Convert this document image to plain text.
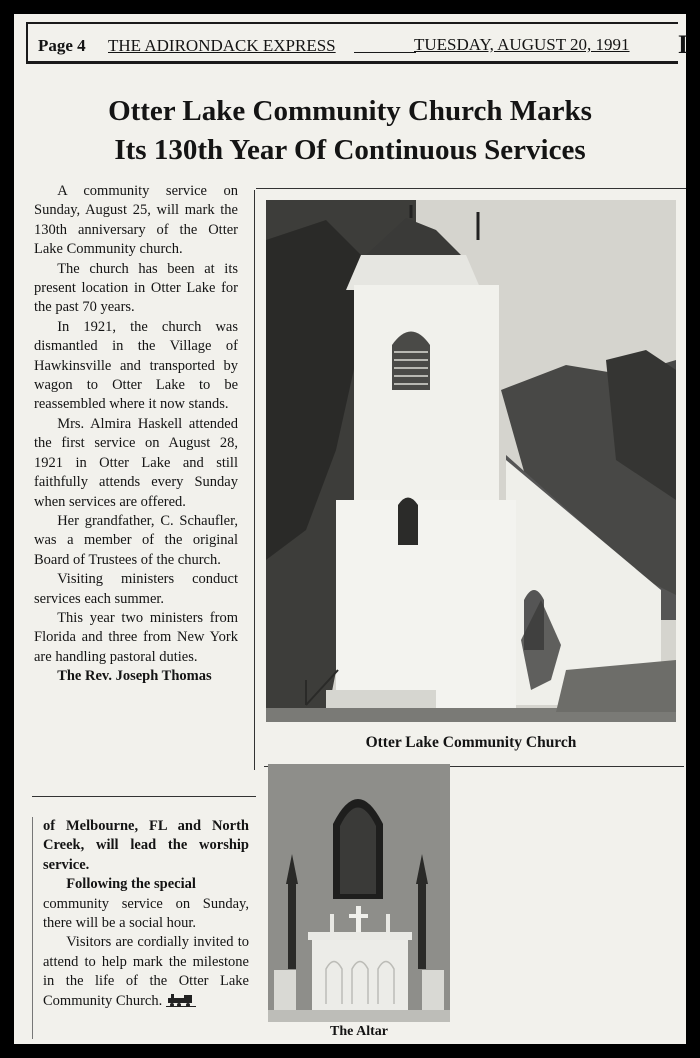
Page 4 THE ADIRONDACK EXPRESS	TUESDAY, AUGUST 20, 1991 I
Otter Lake Community Church Marks
Its 130th Year Of Continuous Services

A community service on Sunday, August 25, will mark the 130th anniversary of the Otter Lake Community church.

The church has been at its present location in Otter Lake for the past 70 years.

In 1921, the church was dismantled in the Village of Hawkinsville and transported by wagon to Otter Lake to be reassembled where it now stands.

Mrs. Almira Haskell attended the first service on August 28, 1921 in Otter Lake and still faithfully attends every Sunday when services are offered.

Her grandfather, C. Schaufler, was a member of the original Board of Trustees of the church.

Visiting ministers conduct services each summer.

This year two ministers from Florida and three from New York are handling pastoral duties.

The Rev. Joseph Thomas

of Melbourne, FL and North Creek, will lead the worship service.

Following the special

community service on Sunday, there will be a social hour.

Visitors are cordially invited to attend to help mark the milestone in the life of the Otter Lake Community Church.

Otter Lake Community Church
The Altar
